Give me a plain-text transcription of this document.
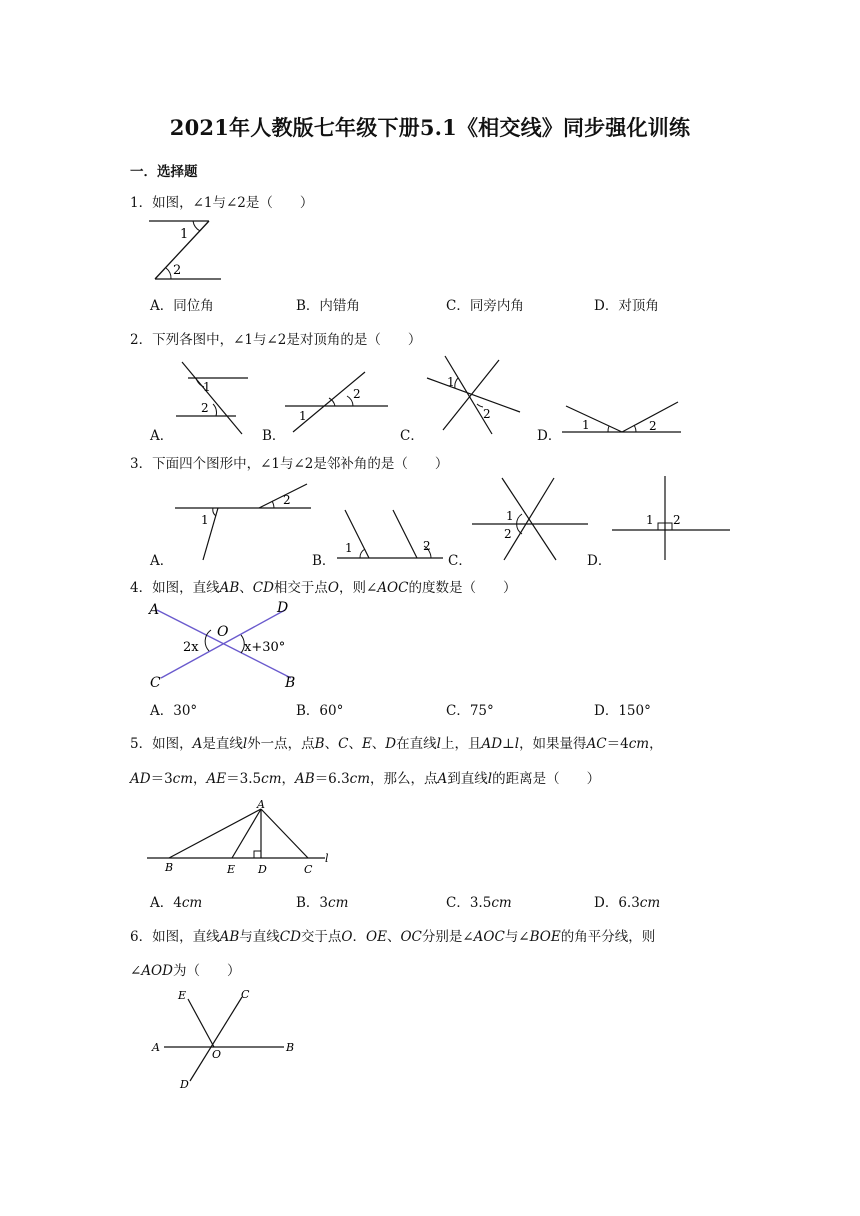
2021年人教版七年级下册5.1《相交线》同步强化训练
一．选择题
1．如图，∠1与∠2是（　　）
1
2
A．同位角	B．内错角	C．同旁内角	D．对顶角
2．下列各图中，∠1与∠2是对顶角的是（　　）
A．
1
2
B．
1
2
C．
1
2
D．
1	2
3．下面四个图形中，∠1与∠2是邻补角的是（　　）
A．
1
2
B．
1	2
C．
1
2
D．
1 2
4．如图，直线AB、CD相交于点O，则∠AOC的度数是（　　）
A	D
O
2x	x+30°
C	B
A．30°	B．60°	C．75°	D．150°
5．如图，A是直线l外一点，点B、C、E、D在直线l上，且AD⊥l，如果量得AC＝4cm，
AD＝3cm，AE＝3.5cm，AB＝6.3cm，那么，点A到直线l的距离是（　　）
A
B	E D	C
l
A．4cm	B．3cm	C．3.5cm	D．6.3cm
6．如图，直线AB与直线CD交于点O．OE、OC分别是∠AOC与∠BOE的角平分线，则
∠AOD为（　　）
E	C
A
O
B
D
